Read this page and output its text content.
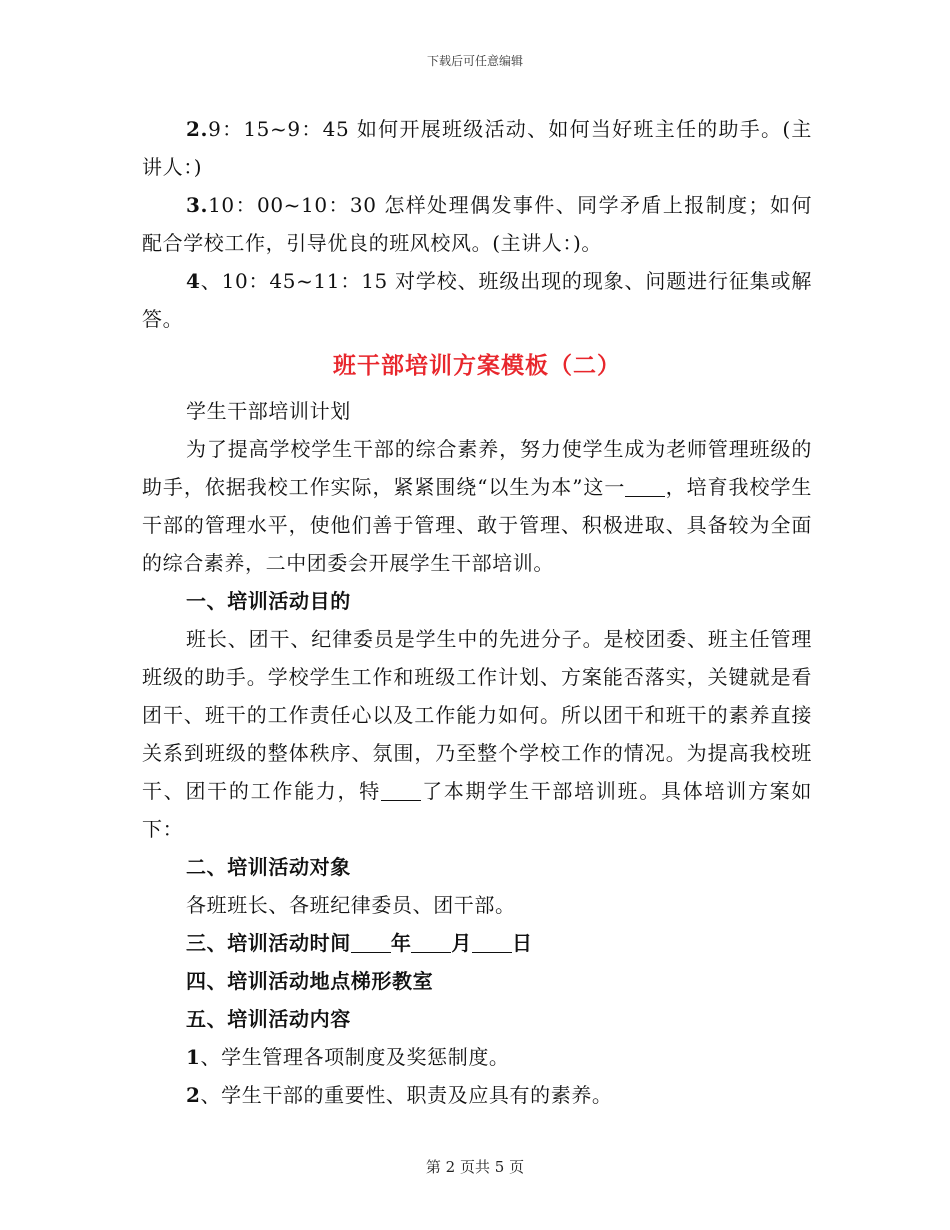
下载后可任意编辑

2.9：15~9：45 如何开展班级活动、如何当好班主任的助手。(主讲人：)

3.10：00~10：30 怎样处理偶发事件、同学矛盾上报制度；如何配合学校工作，引导优良的班风校风。(主讲人：)。

4、10：45~11：15 对学校、班级出现的现象、问题进行征集或解答。

班干部培训方案模板（二）

学生干部培训计划

为了提高学校学生干部的综合素养，努力使学生成为老师管理班级的助手，依据我校工作实际，紧紧围绕“以生为本”这一 ，培育我校学生干部的管理水平，使他们善于管理、敢于管理、积极进取、具备较为全面的综合素养，二中团委会开展学生干部培训。

一、培训活动目的

班长、团干、纪律委员是学生中的先进分子。是校团委、班主任管理班级的助手。学校学生工作和班级工作计划、方案能否落实，关键就是看团干、班干的工作责任心以及工作能力如何。所以团干和班干的素养直接关系到班级的整体秩序、氛围，乃至整个学校工作的情况。为提高我校班干、团干的工作能力，特 了本期学生干部培训班。具体培训方案如下：

二、培训活动对象

各班班长、各班纪律委员、团干部。

三、培训活动时间 年 月 日

四、培训活动地点梯形教室

五、培训活动内容

1、学生管理各项制度及奖惩制度。

2、学生干部的重要性、职责及应具有的素养。

第 2 页共 5 页
